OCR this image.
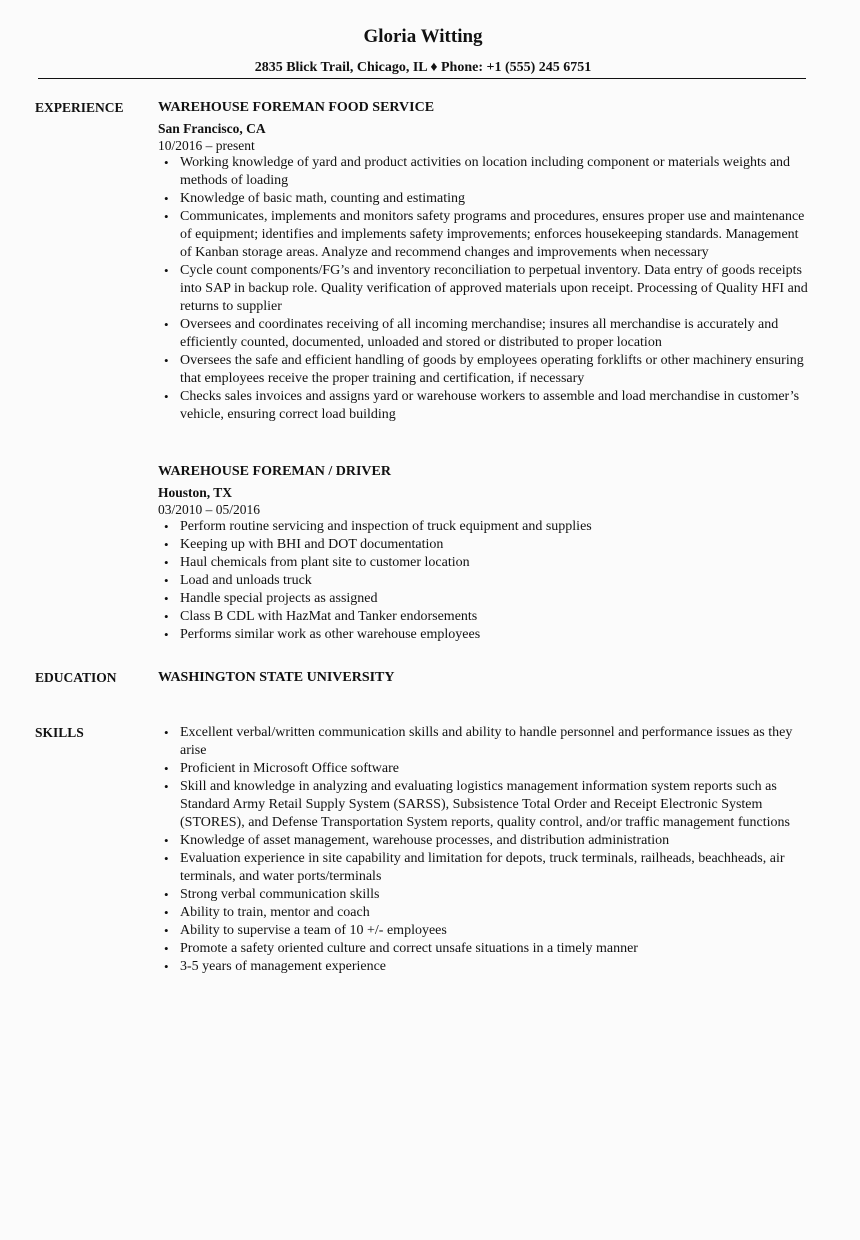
Gloria Witting
2835 Blick Trail, Chicago, IL ♦ Phone: +1 (555) 245 6751
EXPERIENCE WAREHOUSE FOREMAN FOOD SERVICE

San Francisco, CA

10/2016 – present

• Working knowledge of yard and product activities on location including component or materials weights and methods of loading
• Knowledge of basic math, counting and estimating
• Communicates, implements and monitors safety programs and procedures, ensures proper use and maintenance of equipment; identifies and implements safety improvements; enforces housekeeping standards. Management of Kanban storage areas. Analyze and recommend changes and improvements when necessary
• Cycle count components/FG’s and inventory reconciliation to perpetual inventory. Data entry of goods receipts into SAP in backup role. Quality verification of approved materials upon receipt. Processing of Quality HFI and returns to supplier
• Oversees and coordinates receiving of all incoming merchandise; insures all merchandise is accurately and efficiently counted, documented, unloaded and stored or distributed to proper location
• Oversees the safe and efficient handling of goods by employees operating forklifts or other machinery ensuring that employees receive the proper training and certification, if necessary
• Checks sales invoices and assigns yard or warehouse workers to assemble and load merchandise in customer’s vehicle, ensuring correct load building

WAREHOUSE FOREMAN / DRIVER

Houston, TX

03/2010 – 05/2016

• Perform routine servicing and inspection of truck equipment and supplies
• Keeping up with BHI and DOT documentation
• Haul chemicals from plant site to customer location
• Load and unloads truck
• Handle special projects as assigned
• Class B CDL with HazMat and Tanker endorsements
• Performs similar work as other warehouse employees
EDUCATION	WASHINGTON STATE UNIVERSITY

SKILLS	• Excellent verbal/written communication skills and ability to handle personnel and performance issues as they arise
• Proficient in Microsoft Office software
• Skill and knowledge in analyzing and evaluating logistics management information system reports such as Standard Army Retail Supply System (SARSS), Subsistence Total Order and Receipt Electronic System (STORES), and Defense Transportation System reports, quality control, and/or traffic management functions
• Knowledge of asset management, warehouse processes, and distribution administration
• Evaluation experience in site capability and limitation for depots, truck terminals, railheads, beachheads, air terminals, and water ports/terminals
• Strong verbal communication skills
• Ability to train, mentor and coach
• Ability to supervise a team of 10 +/- employees
• Promote a safety oriented culture and correct unsafe situations in a timely manner
• 3-5 years of management experience
